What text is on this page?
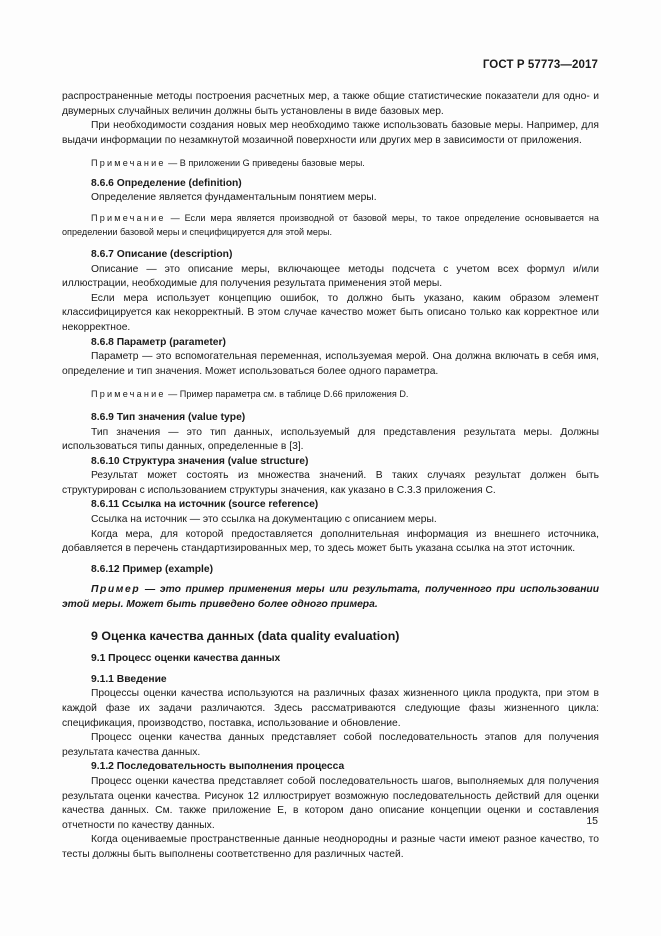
ГОСТ Р 57773—2017

распространенные методы построения расчетных мер, а также общие статистические показатели для одно- и двумерных случайных величин должны быть установлены в виде базовых мер.

При необходимости создания новых мер необходимо также использовать базовые меры. Например, для выдачи информации по незамкнутой мозаичной поверхности или других мер в зависимости от приложения.

Примечание — В приложении G приведены базовые меры.

8.6.6 Определение (definition)

Определение является фундаментальным понятием меры.

Примечание — Если мера является производной от базовой меры, то такое определение основывается на определении базовой меры и специфицируется для этой меры.

8.6.7 Описание (description)

Описание — это описание меры, включающее методы подсчета с учетом всех формул и/или иллюстрации, необходимые для получения результата применения этой меры.

Если мера использует концепцию ошибок, то должно быть указано, каким образом элемент классифицируется как некорректный. В этом случае качество может быть описано только как корректное или некорректное.

8.6.8 Параметр (parameter)

Параметр — это вспомогательная переменная, используемая мерой. Она должна включать в себя имя, определение и тип значения. Может использоваться более одного параметра.

Примечание — Пример параметра см. в таблице D.66 приложения D.

8.6.9 Тип значения (value type)

Тип значения — это тип данных, используемый для представления результата меры. Должны использоваться типы данных, определенные в [3].

8.6.10 Структура значения (value structure)

Результат может состоять из множества значений. В таких случаях результат должен быть структурирован с использованием структуры значения, как указано в C.3.3 приложения С.

8.6.11 Ссылка на источник (source reference)

Ссылка на источник — это ссылка на документацию с описанием меры.

Когда мера, для которой предоставляется дополнительная информация из внешнего источника, добавляется в перечень стандартизированных мер, то здесь может быть указана ссылка на этот источник.

8.6.12 Пример (example)

Пример — это пример применения меры или результата, полученного при использовании этой меры. Может быть приведено более одного примера.

9 Оценка качества данных (data quality evaluation)

9.1 Процесс оценки качества данных

9.1.1 Введение

Процессы оценки качества используются на различных фазах жизненного цикла продукта, при этом в каждой фазе их задачи различаются. Здесь рассматриваются следующие фазы жизненного цикла: спецификация, производство, поставка, использование и обновление.

Процесс оценки качества данных представляет собой последовательность этапов для получения результата качества данных.

9.1.2 Последовательность выполнения процесса

Процесс оценки качества представляет собой последовательность шагов, выполняемых для получения результата оценки качества. Рисунок 12 иллюстрирует возможную последовательность действий для оценки качества данных. См. также приложение Е, в котором дано описание концепции оценки и составления отчетности по качеству данных.

Когда оцениваемые пространственные данные неоднородны и разные части имеют разное качество, то тесты должны быть выполнены соответственно для различных частей.

15
